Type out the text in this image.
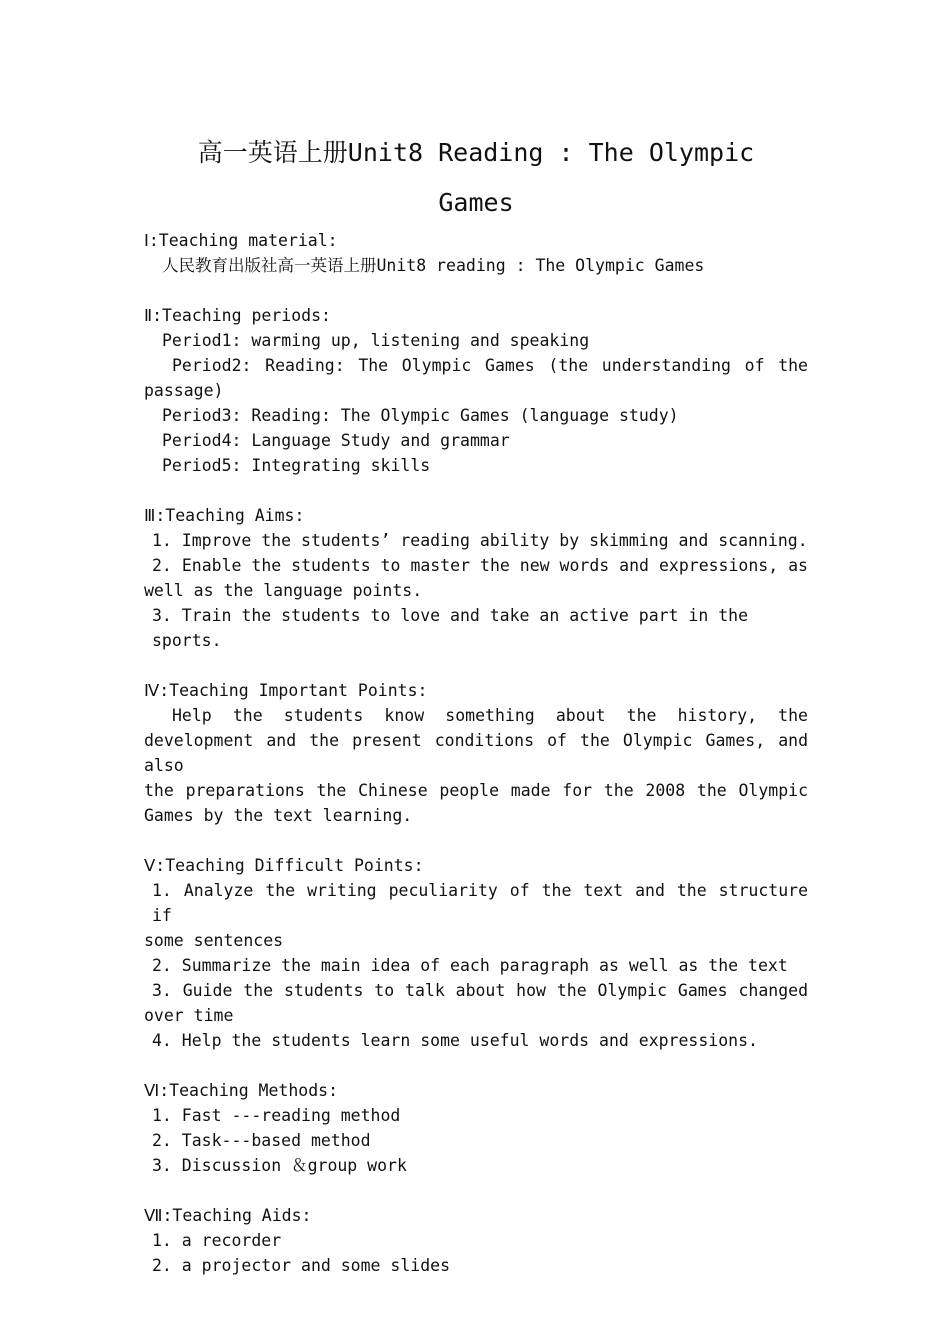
高一英语上册Unit8 Reading : The Olympic
Games

Ⅰ:Teaching material:

人民教育出版社高一英语上册Unit8 reading : The Olympic Games

Ⅱ:Teaching periods:

Period1: warming up, listening and speaking

Period2: Reading: The Olympic Games (the understanding of the

passage)

Period3: Reading: The Olympic Games (language study)

Period4: Language Study and grammar

Period5: Integrating skills

Ⅲ:Teaching Aims:

1. Improve the students’ reading ability by skimming and scanning.

2. Enable the students to master the new words and expressions, as

well as the language points.

3. Train the students to love and take an active part in the sports.

Ⅳ:Teaching Important Points:

Help the students know something about the history, the

development and the present conditions of the Olympic Games, and also

the preparations the Chinese people made for the 2008 the Olympic

Games by the text learning.

Ⅴ:Teaching Difficult Points:

1. Analyze the writing peculiarity of the text and the structure if

some sentences

2. Summarize the main idea of each paragraph as well as the text

3. Guide the students to talk about how the Olympic Games changed

over time

4. Help the students learn some useful words and expressions.

Ⅵ:Teaching Methods:

1. Fast ---reading method

2. Task---based method

3. Discussion ＆group work

Ⅶ:Teaching Aids:

1. a recorder

2. a projector and some slides
